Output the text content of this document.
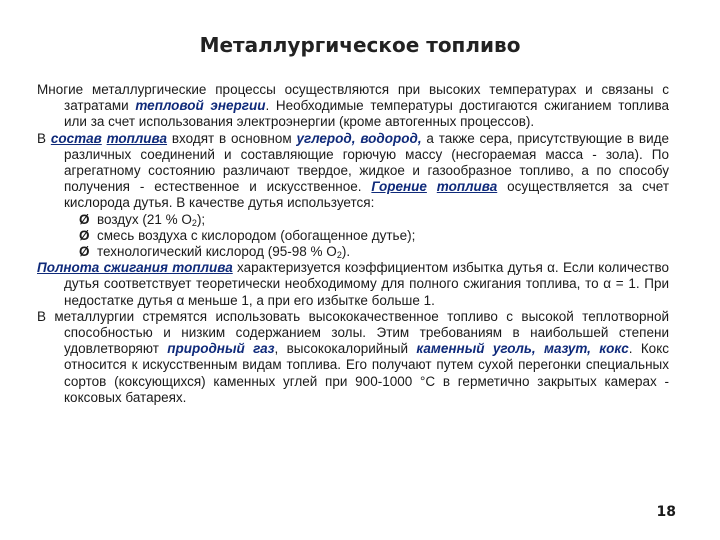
Металлургическое топливо

Многие металлургические процессы осуществляются при высоких температурах и связаны с затратами тепловой энергии. Необходимые температуры достигаются сжиганием топлива или за счет использования электроэнергии (кроме автогенных процессов).

В состав топлива входят в основном углерод, водород, а также сера, присутствующие в виде различных соединений и составляющие горючую массу (несгораемая масса - зола). По агрегатному состоянию различают твердое, жидкое и газообразное топливо, а по способу получения - естественное и искусственное. Горение топлива осуществляется за счет кислорода дутья. В качестве дутья используется:

Ø воздух (21 % $О_2$);
Ø смесь воздуха с кислородом (обогащенное дутье);
Ø технологический кислород (95-98 % $О_2$).

Полнота сжигания топлива характеризуется коэффициентом избытка дутья α. Если количество дутья соответствует теоретически необходимому для полного сжигания топлива, то α = 1. При недостатке дутья α меньше 1, а при его избытке больше 1.

В металлургии стремятся использовать высококачественное топливо с высокой теплотворной способностью и низким содержанием золы. Этим требованиям в наибольшей степени удовлетворяют природный газ, высококалорийный каменный уголь, мазут, кокс. Кокс относится к искусственным видам топлива. Его получают путем сухой перегонки специальных сортов (коксующихся) каменных углей при 900-1000 °С в герметично закрытых камерах - коксовых батареях.

18
